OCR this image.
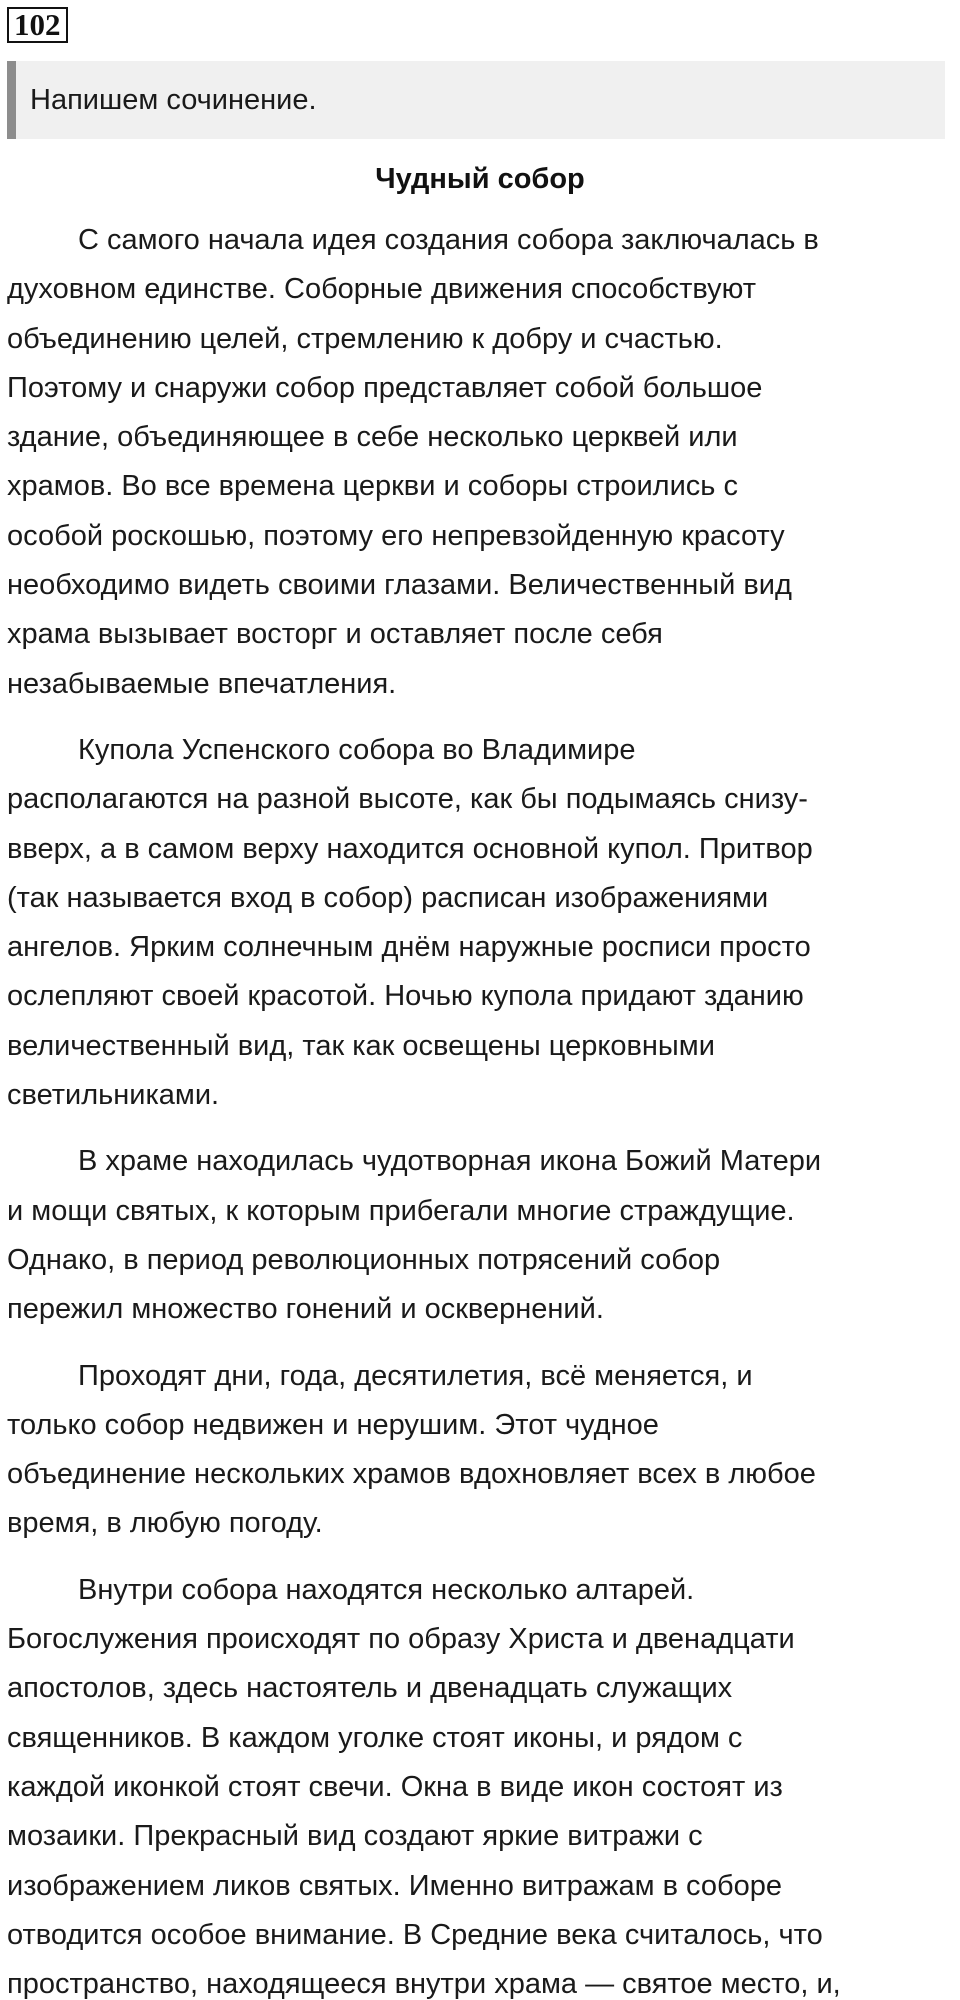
102
Напишем сочинение.
Чудный собор
С самого начала идея создания собора заключалась в
духовном единстве. Соборные движения способствуют
объединению целей, стремлению к добру и счастью.
Поэтому и снаружи собор представляет собой большое
здание, объединяющее в себе несколько церквей или
храмов. Во все времена церкви и соборы строились с
особой роскошью, поэтому его непревзойденную красоту
необходимо видеть своими глазами. Величественный вид
храма вызывает восторг и оставляет после себя
незабываемые впечатления.
Купола Успенского собора во Владимире
располагаются на разной высоте, как бы подымаясь снизу-
вверх, а в самом верху находится основной купол. Притвор
(так называется вход в собор) расписан изображениями
ангелов. Ярким солнечным днём наружные росписи просто
ослепляют своей красотой. Ночью купола придают зданию
величественный вид, так как освещены церковными
светильниками.
В храме находилась чудотворная икона Божий Матери
и мощи святых, к которым прибегали многие страждущие.
Однако, в период революционных потрясений собор
пережил множество гонений и осквернений.
Проходят дни, года, десятилетия, всё меняется, и
только собор недвижен и нерушим. Этот чудное
объединение нескольких храмов вдохновляет всех в любое
время, в любую погоду.
Внутри собора находятся несколько алтарей.
Богослужения происходят по образу Христа и двенадцати
апостолов, здесь настоятель и двенадцать служащих
священников. В каждом уголке стоят иконы, и рядом с
каждой иконкой стоят свечи. Окна в виде икон состоят из
мозаики. Прекрасный вид создают яркие витражи с
изображением ликов святых. Именно витражам в соборе
отводится особое внимание. В Средние века считалось, что
пространство, находящееся внутри храма — святое место, и,
